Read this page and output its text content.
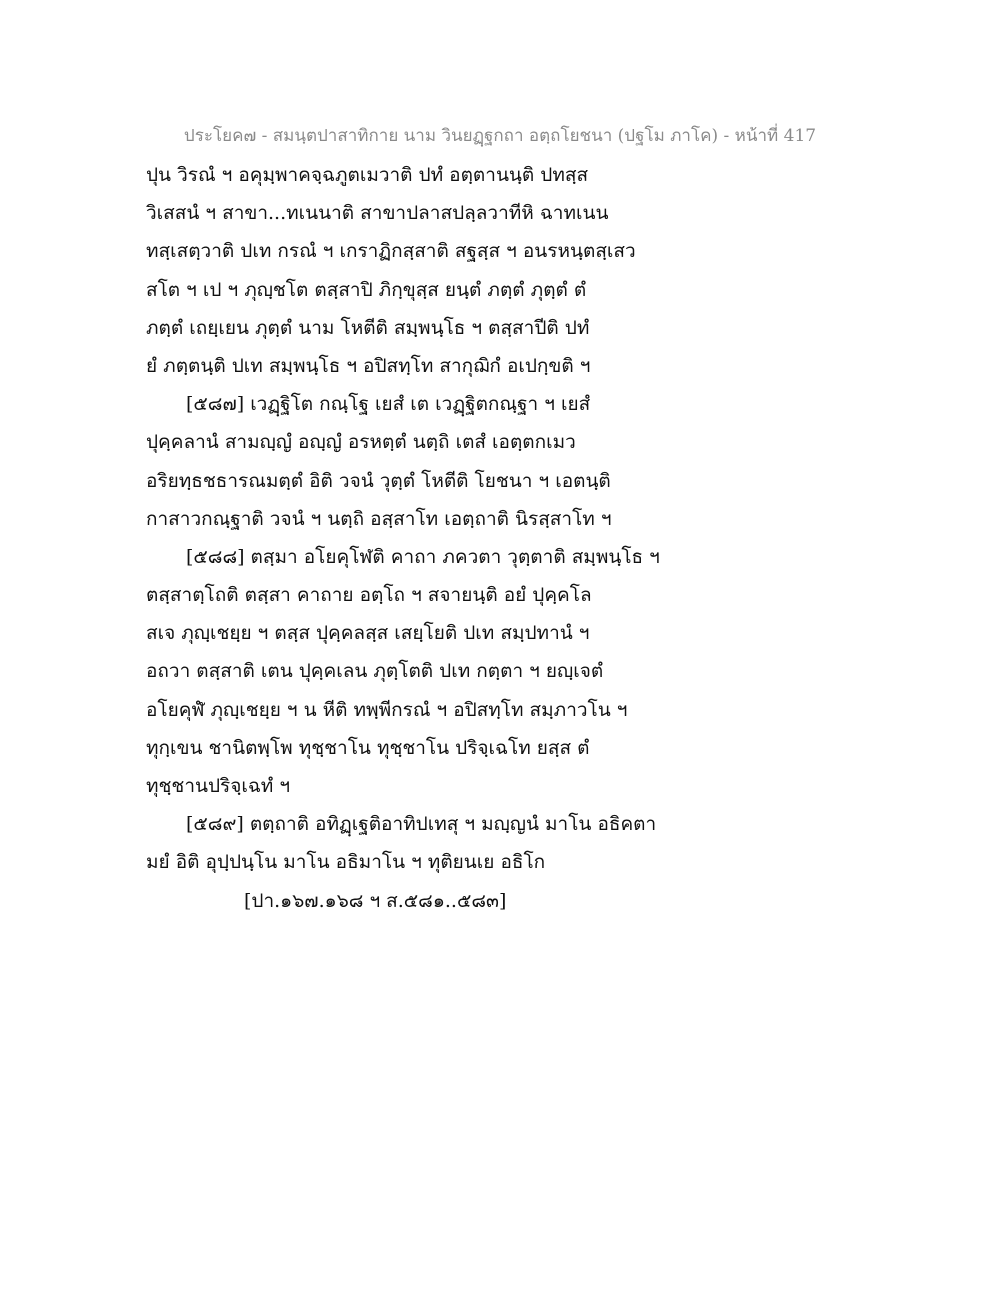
ประโยค๗ - สมนฺตปาสาทิกาย นาม วินยฏฺฐกถา อตฺถโยชนา (ปฐโม ภาโค) - หน้าที่ 417
ปุน วิรณํ ฯ อคุมฺพาคจฺฉภูตเมวาติ ปทํ อตฺตานนฺติ ปทสฺส
วิเสสนํ ฯ สาขา...ทเนนาติ สาขาปลาสปลฺลวาทีหิ ฉาทเนน
ทสฺเสตฺวาติ ปเท กรณํ ฯ เกราฏิกสฺสาติ สฐสฺส ฯ อนรหนฺตสฺเสว
สโต ฯ เป ฯ ภุญฺชโต ตสฺสาปิ ภิกฺขุสฺส ยนฺตํ ภตฺตํ ภุตฺตํ ตํ
ภตฺตํ เถยฺเยน ภุตฺตํ นาม โหตีติ สมฺพนฺโธ ฯ ตสฺสาปีติ ปทํ
ยํ ภตฺตนฺติ ปเท สมฺพนฺโธ ฯ อปิสทฺโท สากุฌิกํ อเปกฺขติ ฯ
[๕๘๗] เวฏฺฐิโต กณฺโฐ เยสํ เต เวฏฺฐิตกณฺฐา ฯ เยสํ
ปุคฺคลานํ สามญฺญํ อญฺญํ อรหตฺตํ นตฺถิ เตสํ เอตฺตกเมว
อริยทฺธชธารณมตฺตํ อิติ วจนํ วุตฺตํ โหตีติ โยชนา ฯ เอตนฺติ
กาสาวกณฺฐาติ วจนํ ฯ นตฺถิ อสฺสาโท เอตฺถาติ นิรสฺสาโท ฯ
[๕๘๘] ตสฺมา อโยคุโฬติ คาถา ภควตา วุตฺตาติ สมฺพนฺโธ ฯ
ตสฺสาตฺโถติ ตสฺสา คาถาย อตฺโถ ฯ สจายนฺติ อยํ ปุคฺคโล
สเจ ภุญฺเชยฺย ฯ ตสฺส ปุคฺคลสฺส เสยฺโยติ ปเท สมฺปทานํ ฯ
อถวา ตสฺสาติ เตน ปุคฺคเลน ภุตฺโตติ ปเท กตฺตา ฯ ยญฺเจตํ
อโยคุฬํ ภุญฺเชยฺย ฯ น หีติ ทพฺพีกรณํ ฯ อปิสทฺโท สมฺภาวโน ฯ
ทุกฺเขน ชานิตพฺโพ ทุชฺชาโน ทุชฺชาโน ปริจฺเฉโท ยสฺส ตํ
ทุชฺชานปริจฺเฉทํ ฯ
[๕๘๙] ตตฺถาติ อทิฏฺเฐติอาทิปเทสุ ฯ มญฺญนํ มาโน อธิคตา
มยํ อิติ อุปฺปนฺโน มาโน อธิมาโน ฯ ทุติยนเย อธิโก
[ปา.๑๖๗.๑๖๘ ฯ ส.๕๘๑..๕๘๓]
